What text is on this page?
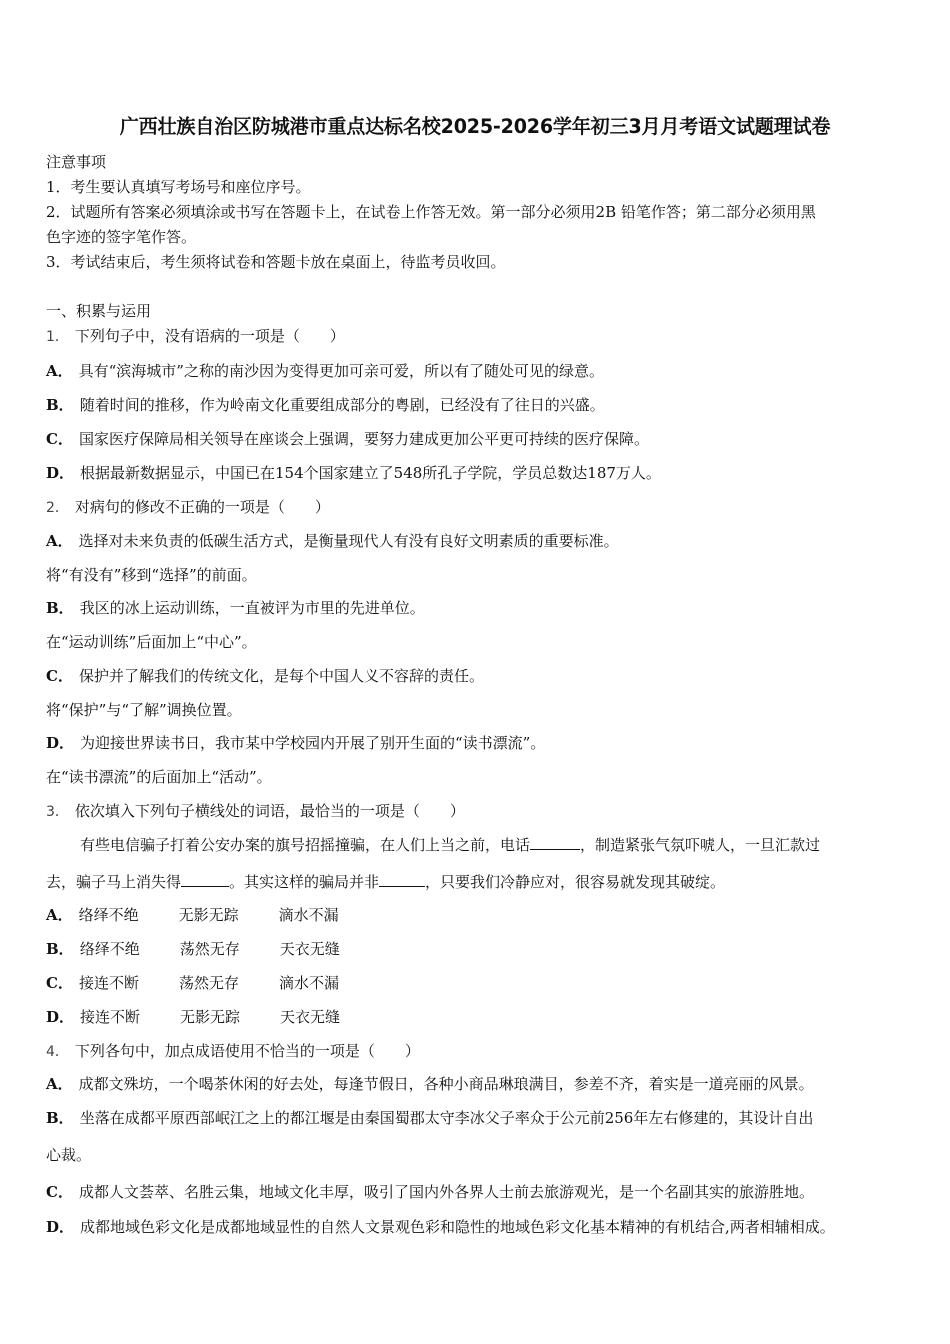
广西壮族自治区防城港市重点达标名校2025-2026学年初三3月月考语文试题理试卷
注意事项
1．考生要认真填写考场号和座位序号。
2．试题所有答案必须填涂或书写在答题卡上，在试卷上作答无效。第一部分必须用2B 铅笔作答；第二部分必须用黑
色字迹的签字笔作答。
3．考试结束后，考生须将试卷和答题卡放在桌面上，待监考员收回。
一、积累与运用
1． 下列句子中，没有语病的一项是（　　）
A． 具有“滨海城市”之称的南沙因为变得更加可亲可爱，所以有了随处可见的绿意。
B． 随着时间的推移，作为岭南文化重要组成部分的粤剧，已经没有了往日的兴盛。
C． 国家医疗保障局相关领导在座谈会上强调，要努力建成更加公平更可持续的医疗保障。
D． 根据最新数据显示，中国已在154个国家建立了548所孔子学院，学员总数达187万人。
2． 对病句的修改不正确的一项是（　　）
A． 选择对未来负责的低碳生活方式，是衡量现代人有没有良好文明素质的重要标准。
将“有没有”移到“选择”的前面。
B． 我区的冰上运动训练，一直被评为市里的先进单位。
在“运动训练”后面加上“中心”。
C． 保护并了解我们的传统文化，是每个中国人义不容辞的责任。
将“保护”与“了解”调换位置。
D． 为迎接世界读书日，我市某中学校园内开展了别开生面的“读书漂流”。
在“读书漂流”的后面加上“活动”。
3． 依次填入下列句子横线处的词语，最恰当的一项是（　　）
有些电信骗子打着公安办案的旗号招摇撞骗，在人们上当之前，电话	，制造紧张气氛吓唬人，一旦汇款过
去，骗子马上消失得	。其实这样的骗局并非	，只要我们冷静应对，很容易就发现其破绽。
A． 络绎不绝	无影无踪	滴水不漏
B． 络绎不绝	荡然无存	天衣无缝
C． 接连不断	荡然无存	滴水不漏
D． 接连不断	无影无踪	天衣无缝
4． 下列各句中，加点成语使用不恰当的一项是（　　）
A． 成都文殊坊，一个喝茶休闲的好去处，每逢节假日，各种小商品琳琅满目，参差不齐，着实是一道亮丽的风景。
B． 坐落在成都平原西部岷江之上的都江堰是由秦国蜀郡太守李冰父子率众于公元前256年左右修建的，其设计自出
心裁。
C． 成都人文荟萃、名胜云集，地域文化丰厚，吸引了国内外各界人士前去旅游观光，是一个名副其实的旅游胜地。
D． 成都地域色彩文化是成都地域显性的自然人文景观色彩和隐性的地域色彩文化基本精神的有机结合,两者相辅相成。
